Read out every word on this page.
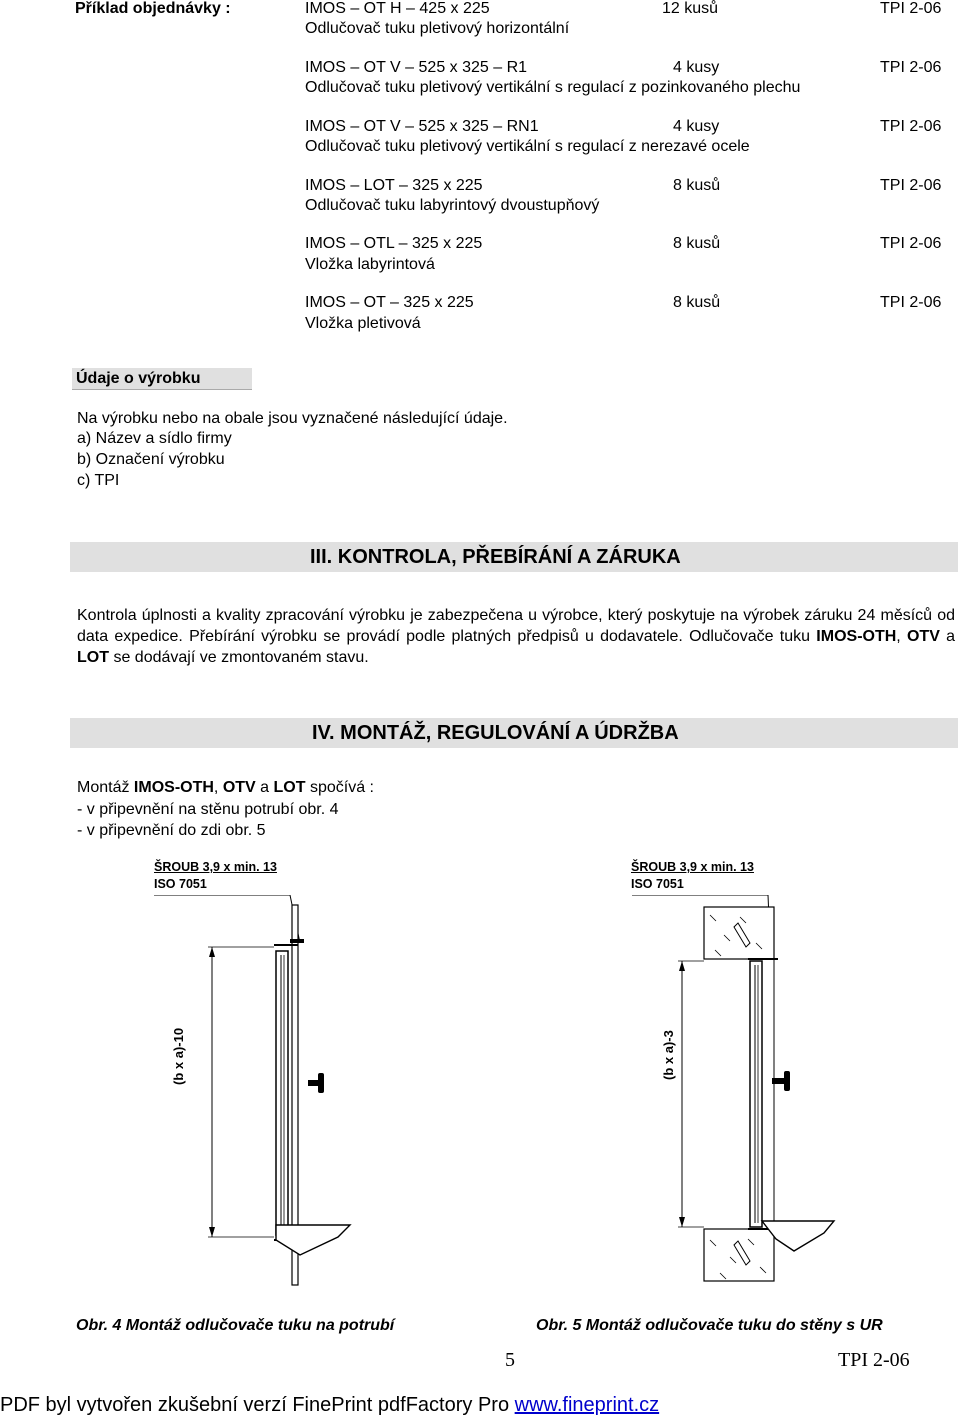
Příklad objednávky :	IMOS – OT H – 425 x 225	12 kusů	TPI 2-06
Odlučovač tuku pletivový horizontální
IMOS – OT V – 525 x 325 – R1	4 kusy	TPI 2-06
Odlučovač tuku pletivový vertikální s regulací z pozinkovaného plechu
IMOS – OT V – 525 x 325 – RN1	4 kusy	TPI 2-06
Odlučovač tuku pletivový vertikální s regulací z nerezavé ocele
IMOS – LOT – 325 x 225	8 kusů	TPI 2-06
Odlučovač tuku labyrintový dvoustupňový
IMOS – OTL – 325 x 225	8 kusů	TPI 2-06
Vložka labyrintová
IMOS – OT – 325 x 225	8 kusů	TPI 2-06
Vložka pletivová
Údaje o výrobku
Na výrobku nebo na obale jsou vyznačené následující údaje.
a) Název a sídlo firmy
b) Označení výrobku
c) TPI
III. KONTROLA, PŘEBÍRÁNÍ A ZÁRUKA
Kontrola úplnosti a kvality zpracování výrobku je zabezpečena u výrobce, který poskytuje na výrobek záruku 24 měsíců od data expedice. Přebírání výrobku se provádí podle platných předpisů u dodavatele. Odlučovače tuku IMOS-OTH, OTV a LOT se dodávají ve zmontovaném stavu.
IV. MONTÁŽ, REGULOVÁNÍ A ÚDRŽBA
Montáž IMOS-OTH, OTV a LOT spočívá :
- v připevnění na stěnu potrubí obr. 4
- v připevnění do zdi obr. 5
ŠROUB 3,9 x min. 13
ISO 7051
(b x a)-10
ŠROUB 3,9 x min. 13
ISO 7051
(b x a)-3
Obr. 4 Montáž odlučovače tuku na potrubí	Obr. 5 Montáž odlučovače tuku do stěny s UR
5	TPI 2-06
PDF byl vytvořen zkušební verzí FinePrint pdfFactory Pro www.fineprint.cz
